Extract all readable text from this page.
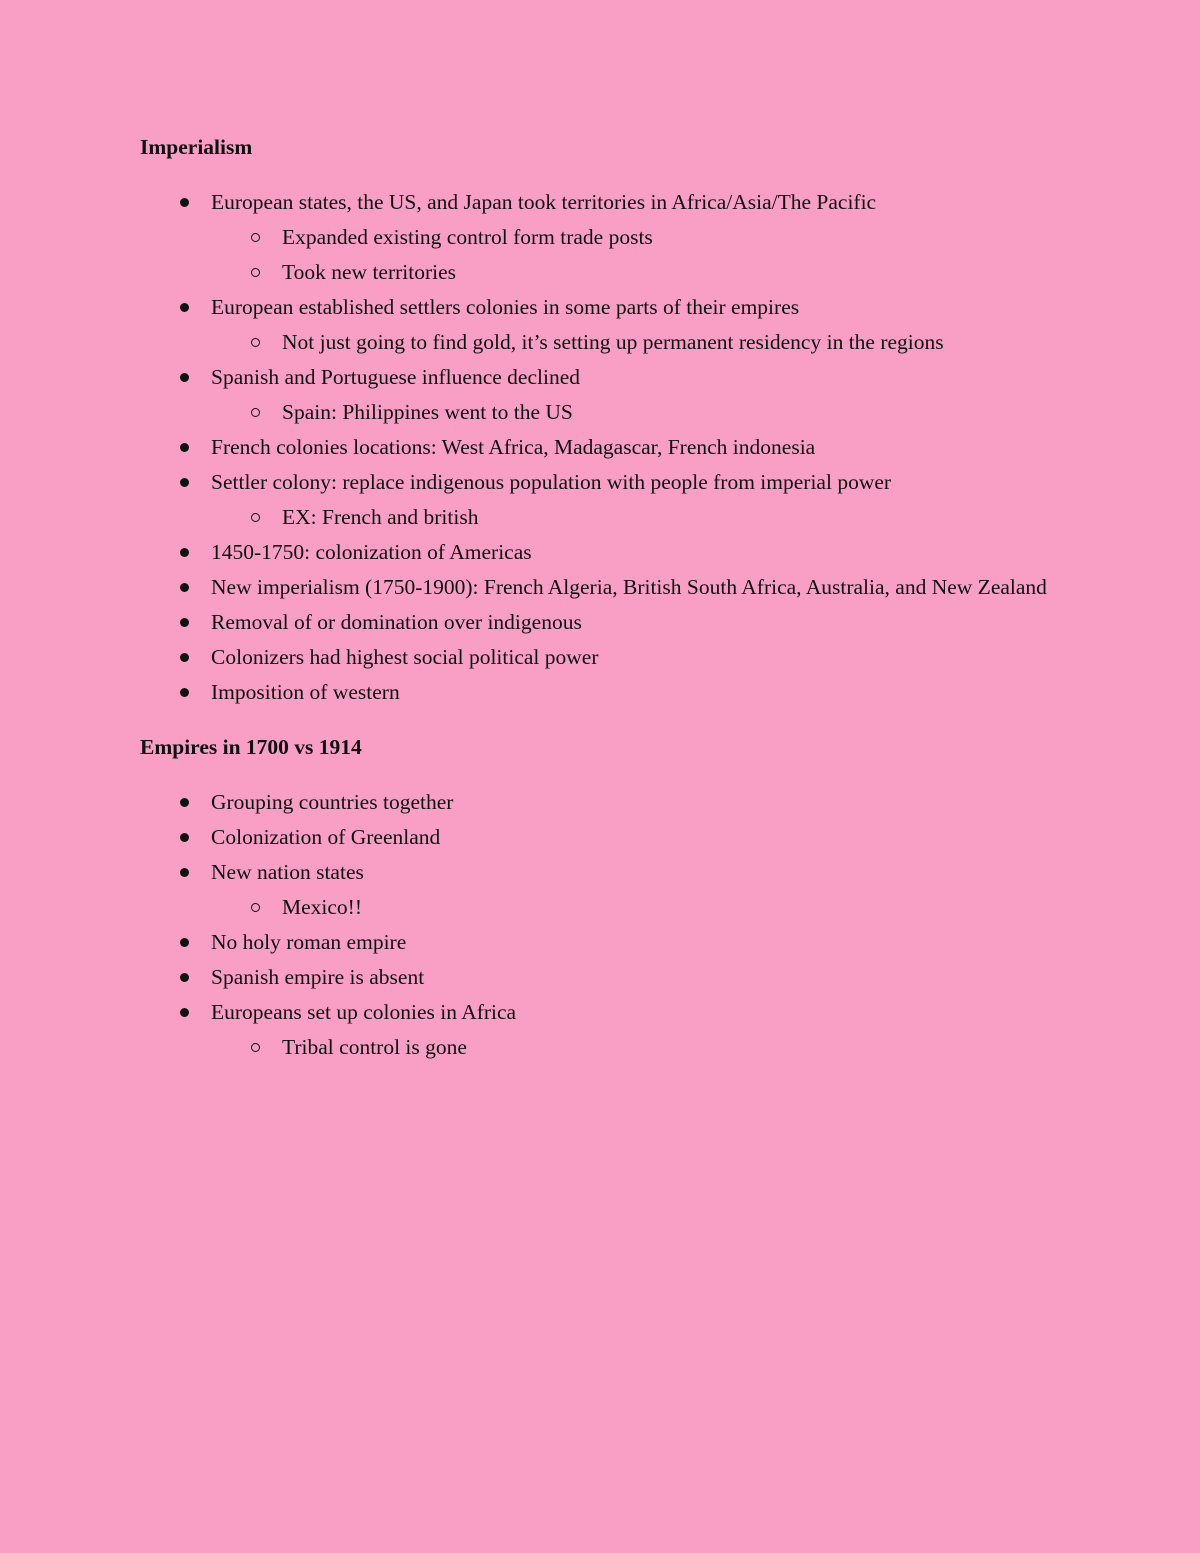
Imperialism
European states, the US, and Japan took territories in Africa/Asia/The Pacific
Expanded existing control form trade posts
Took new territories
European established settlers colonies in some parts of their empires
Not just going to find gold, it’s setting up permanent residency in the regions
Spanish and Portuguese influence declined
Spain: Philippines went to the US
French colonies locations: West Africa, Madagascar, French indonesia
Settler colony: replace indigenous population with people from imperial power
EX: French and british
1450-1750: colonization of Americas
New imperialism (1750-1900): French Algeria, British South Africa, Australia, and New Zealand
Removal of or domination over indigenous
Colonizers had highest social political power
Imposition of western
Empires in 1700 vs 1914
Grouping countries together
Colonization of Greenland
New nation states
Mexico!!
No holy roman empire
Spanish empire is absent
Europeans set up colonies in Africa
Tribal control is gone
